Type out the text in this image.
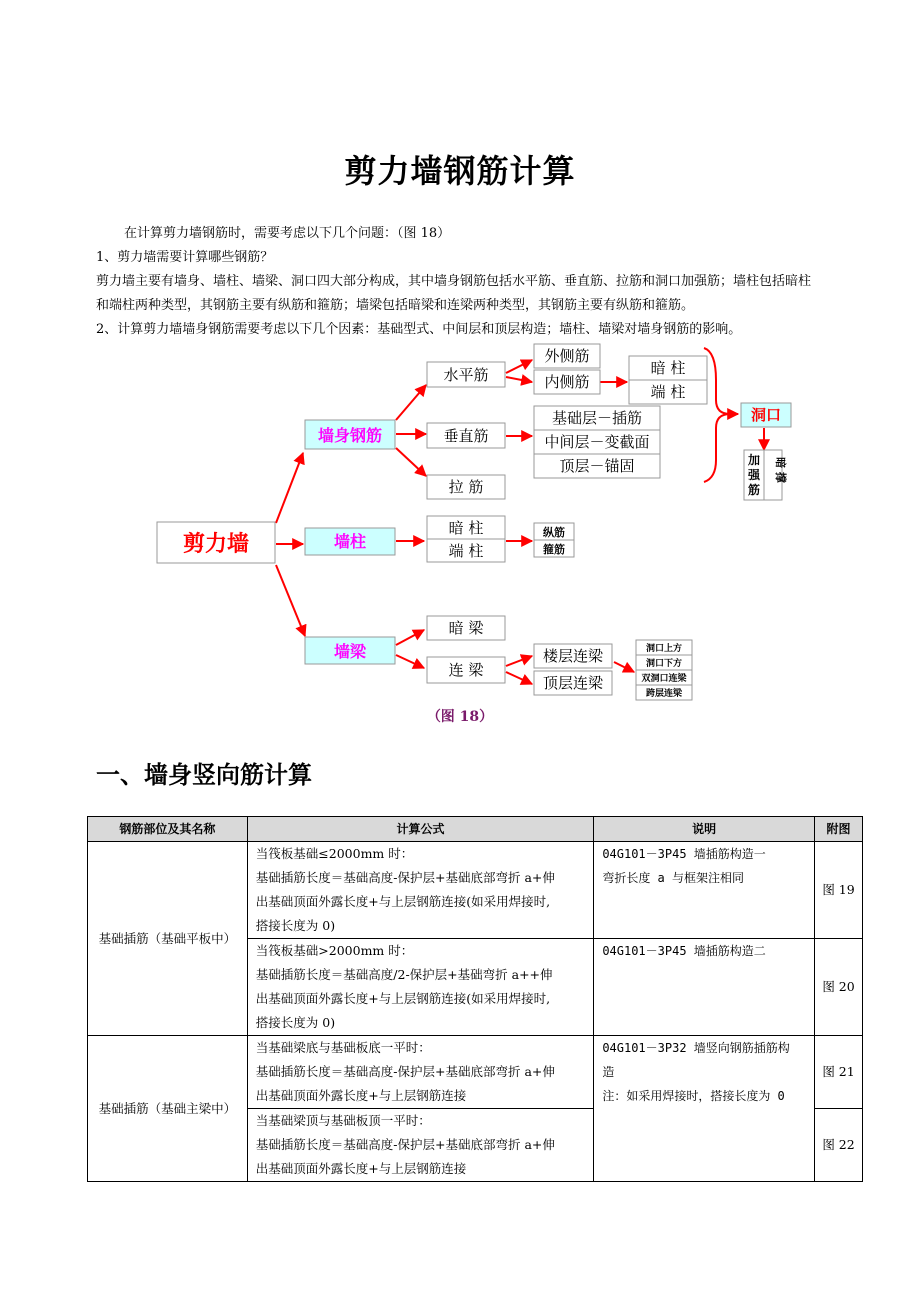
剪力墙钢筋计算
在计算剪力墙钢筋时，需要考虑以下几个问题：（图 18）
1、剪力墙需要计算哪些钢筋？
剪力墙主要有墙身、墙柱、墙梁、洞口四大部分构成，其中墙身钢筋包括水平筋、垂直筋、拉筋和洞口加强筋；墙柱包括暗柱
和端柱两种类型，其钢筋主要有纵筋和箍筋；墙梁包括暗梁和连梁两种类型，其钢筋主要有纵筋和箍筋。
2、计算剪力墙墙身钢筋需要考虑以下几个因素：基础型式、中间层和顶层构造；墙柱、墙梁对墙身钢筋的影响。
剪力墙
墙身钢筋
墙柱
墙梁
水平筋
垂直筋
拉 筋
暗 柱
端 柱
暗 梁
连 梁
外侧筋
内侧筋
基础层－插筋
中间层－变截面
顶层－锚固
暗 柱
端 柱
楼层连梁
顶层连梁
洞口
纵筋
箍筋
洞口上方
洞口下方
双洞口连梁
跨层连梁
加
强
筋
暗 撑
（图 18）
一、墙身竖向筋计算
钢筋部位及其名称	计算公式	说明	附图
基础插筋（基础平板中）	当筏板基础≤2000mm 时：
基础插筋长度＝基础高度-保护层+基础底部弯折 a+伸
出基础顶面外露长度+与上层钢筋连接(如采用焊接时,
搭接长度为 0)	04G101－3P45 墙插筋构造一
弯折长度 a 与框架注相同	图 19

	当筏板基础>2000mm 时：
基础插筋长度＝基础高度/2-保护层+基础弯折 a++伸
出基础顶面外露长度+与上层钢筋连接(如采用焊接时,
搭接长度为 0)	04G101－3P45 墙插筋构造二	图 20
基础插筋（基础主梁中）	当基础梁底与基础板底一平时：
基础插筋长度＝基础高度-保护层+基础底部弯折 a+伸
出基础顶面外露长度+与上层钢筋连接	04G101－3P32 墙竖向钢筋插筋构
造
注：如采用焊接时，搭接长度为 0	图 21

	当基础梁顶与基础板顶一平时：
基础插筋长度＝基础高度-保护层+基础底部弯折 a+伸
出基础顶面外露长度+与上层钢筋连接		图 22
